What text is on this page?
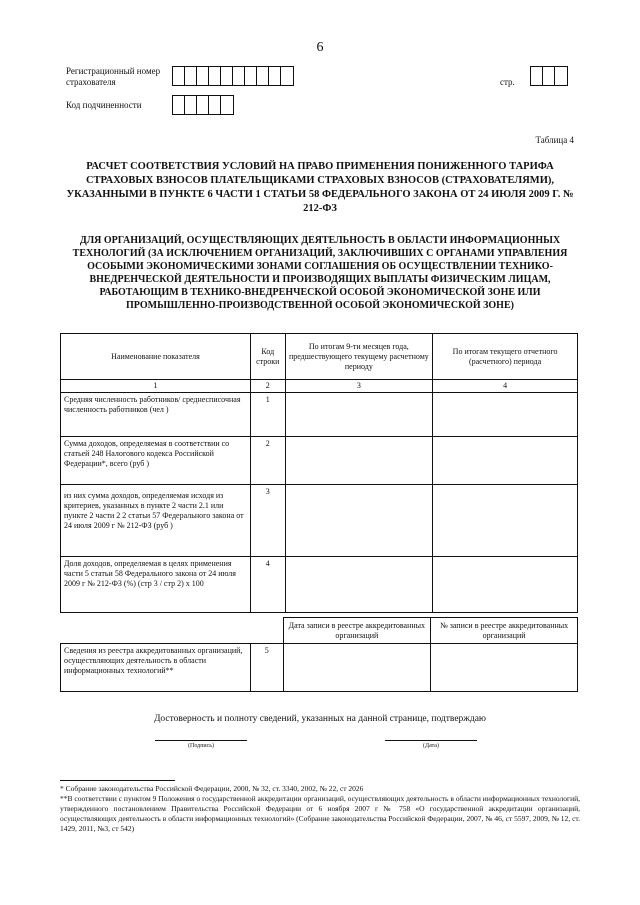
6
Регистрационный номер страхователя	стр.
Код подчиненности
Таблица 4
РАСЧЕТ СООТВЕТСТВИЯ УСЛОВИЙ НА ПРАВО ПРИМЕНЕНИЯ ПОНИЖЕННОГО ТАРИФА СТРАХОВЫХ ВЗНОСОВ ПЛАТЕЛЬЩИКАМИ СТРАХОВЫХ ВЗНОСОВ (СТРАХОВАТЕЛЯМИ), УКАЗАННЫМИ В ПУНКТЕ 6 ЧАСТИ 1 СТАТЬИ 58 ФЕДЕРАЛЬНОГО ЗАКОНА ОТ 24 ИЮЛЯ 2009 Г. № 212-ФЗ
ДЛЯ ОРГАНИЗАЦИЙ, ОСУЩЕСТВЛЯЮЩИХ ДЕЯТЕЛЬНОСТЬ В ОБЛАСТИ ИНФОРМАЦИОННЫХ ТЕХНОЛОГИЙ (ЗА ИСКЛЮЧЕНИЕМ ОРГАНИЗАЦИЙ, ЗАКЛЮЧИВШИХ С ОРГАНАМИ УПРАВЛЕНИЯ ОСОБЫМИ ЭКОНОМИЧЕСКИМИ ЗОНАМИ СОГЛАШЕНИЯ ОБ ОСУЩЕСТВЛЕНИИ ТЕХНИКО-ВНЕДРЕНЧЕСКОЙ ДЕЯТЕЛЬНОСТИ И ПРОИЗВОДЯЩИХ ВЫПЛАТЫ ФИЗИЧЕСКИМ ЛИЦАМ, РАБОТАЮЩИМ В ТЕХНИКО-ВНЕДРЕНЧЕСКОЙ ОСОБОЙ ЭКОНОМИЧЕСКОЙ ЗОНЕ ИЛИ ПРОМЫШЛЕННО-ПРОИЗВОДСТВЕННОЙ ОСОБОЙ ЭКОНОМИЧЕСКОЙ ЗОНЕ)
Наименование показателя	Код строки	По итогам 9-ти месяцев года, предшествующего текущему расчетному периоду	По итогам текущего отчетного (расчетного) периода
1	2	3	4
Средняя численность работников/ среднесписочная численность работников (чел )	1		
Сумма доходов, определяемая в соответствии со статьей 248 Налогового кодекса Российской Федерации*, всего (руб )	2		
из них сумма доходов, определяемая исходя из критериев, указанных в пункте 2 части 2.1 или пункте 2 части 2 2 статьи 57 Федерального закона от 24 июля 2009 г № 212-ФЗ (руб )	3		
Доля доходов, определяемая в целях применения части 5 статьи 58 Федерального закона от 24 июля 2009 г № 212-ФЗ (%) (стр 3 / стр 2) х 100	4		
		Дата записи в реестре аккредитованных организаций	№ записи в реестре аккредитованных организаций
Сведения из реестра аккредитованных организаций, осуществляющих деятельность в области информационных технологий**	5		
Достоверность и полноту сведений, указанных на данной странице, подтверждаю
(Подпись)	(Дата)
* Собрание законодательства Российской Федерации, 2000, № 32, ст. 3340, 2002, № 22, ст 2026
**В соответствии с пунктом 9 Положения о государственной аккредитации организаций, осуществляющих деятельность в области информационных технологий, утвержденного постановлением Правительства Российской Федерации от 6 ноября 2007 г № 758 «О государственной аккредитации организаций, осуществляющих деятельность в области информационных технологий» (Собрание законодательства Российской Федерации, 2007, № 46, ст 5597, 2009, № 12, ст. 1429, 2011, №3, ст 542)
